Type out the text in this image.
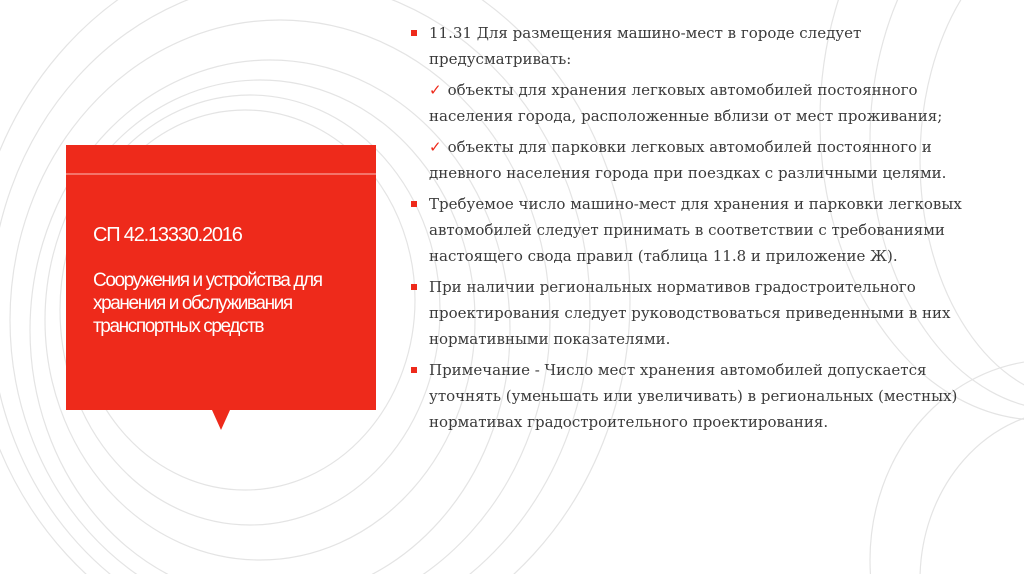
СП 42.13330.2016
Сооружения и устройства для хранения и обслуживания транспортных средств
11.31 Для размещения машино-мест в городе следует предусматривать:
✓ объекты для хранения легковых автомобилей постоянного населения города, расположенные вблизи от мест проживания;
✓ объекты для парковки легковых автомобилей постоянного и дневного населения города при поездках с различными целями.
Требуемое число машино-мест для хранения и парковки легковых автомобилей следует принимать в соответствии с требованиями настоящего свода правил (таблица 11.8 и приложение Ж).
При наличии региональных нормативов градостроительного проектирования следует руководствоваться приведенными в них нормативными показателями.
Примечание - Число мест хранения автомобилей допускается уточнять (уменьшать или увеличивать) в региональных (местных) нормативах градостроительного проектирования.
